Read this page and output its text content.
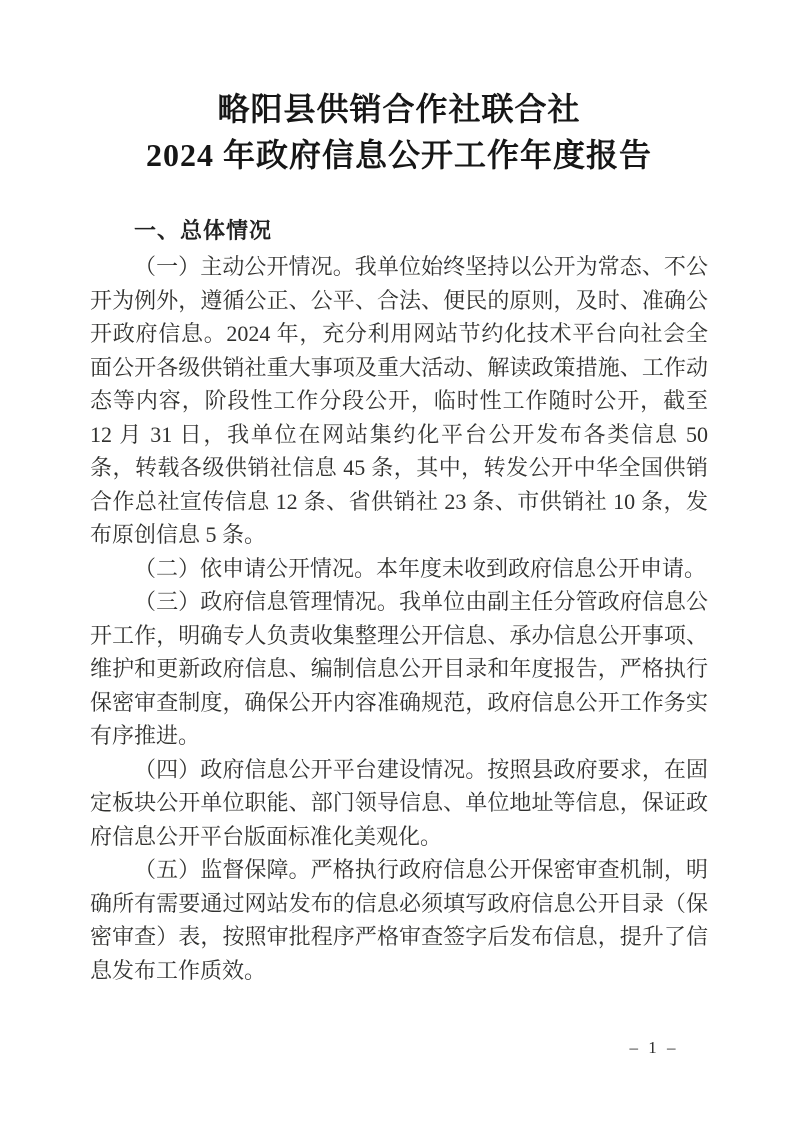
略阳县供销合作社联合社
2024 年政府信息公开工作年度报告
一、总体情况

（一）主动公开情况。我单位始终坚持以公开为常态、不公开为例外，遵循公正、公平、合法、便民的原则，及时、准确公开政府信息。2024 年，充分利用网站节约化技术平台向社会全面公开各级供销社重大事项及重大活动、解读政策措施、工作动态等内容，阶段性工作分段公开，临时性工作随时公开，截至 12 月 31 日，我单位在网站集约化平台公开发布各类信息 50 条，转载各级供销社信息 45 条，其中，转发公开中华全国供销合作总社宣传信息 12 条、省供销社 23 条、市供销社 10 条，发布原创信息 5 条。

（二）依申请公开情况。本年度未收到政府信息公开申请。

（三）政府信息管理情况。我单位由副主任分管政府信息公开工作，明确专人负责收集整理公开信息、承办信息公开事项、维护和更新政府信息、编制信息公开目录和年度报告，严格执行保密审查制度，确保公开内容准确规范，政府信息公开工作务实有序推进。

（四）政府信息公开平台建设情况。按照县政府要求，在固定板块公开单位职能、部门领导信息、单位地址等信息，保证政府信息公开平台版面标准化美观化。

（五）监督保障。严格执行政府信息公开保密审查机制，明确所有需要通过网站发布的信息必须填写政府信息公开目录（保密审查）表，按照审批程序严格审查签字后发布信息，提升了信息发布工作质效。

– 1 –
